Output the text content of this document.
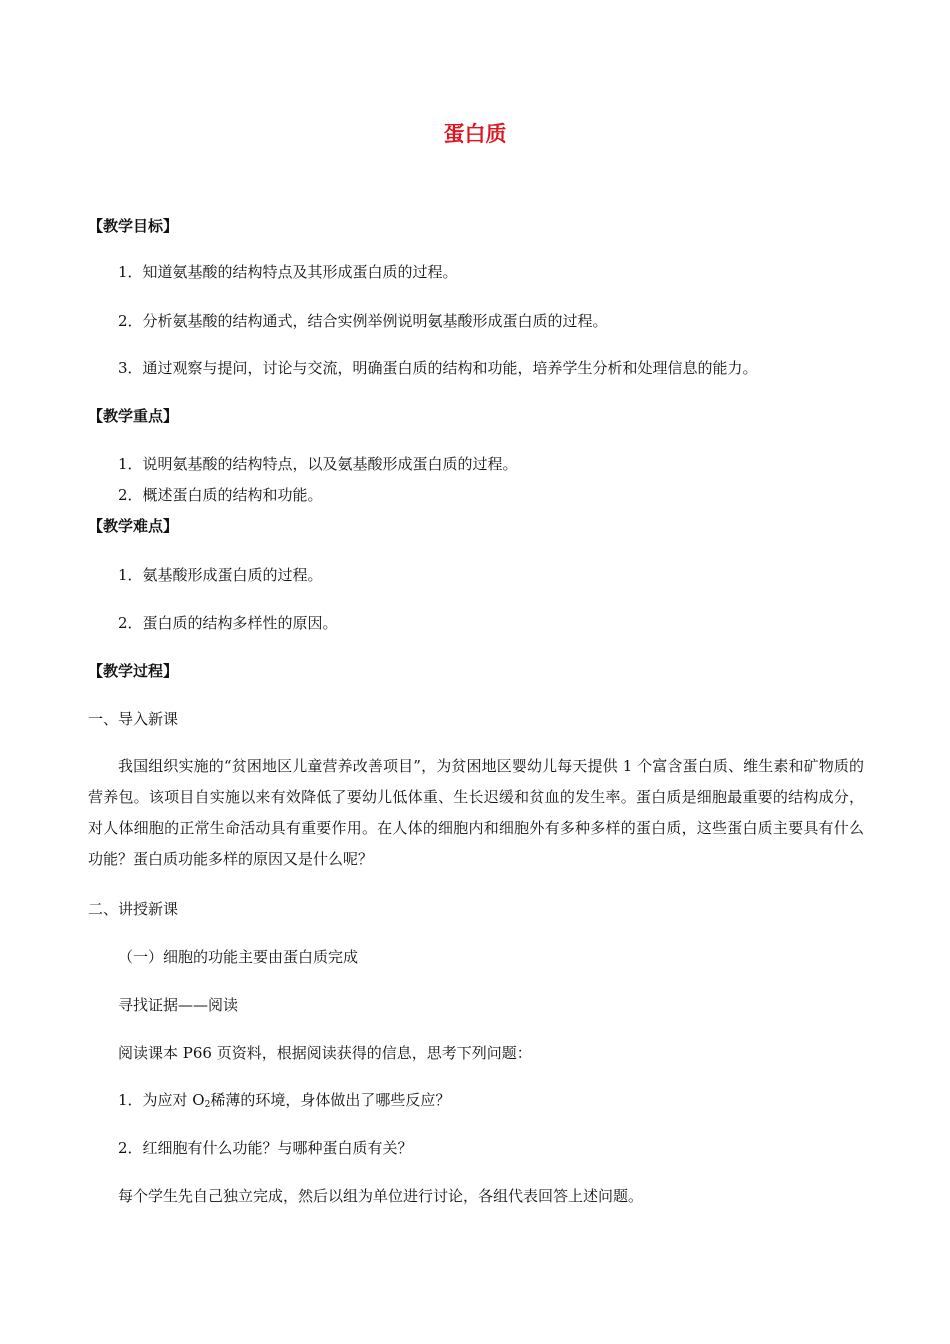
蛋白质
【教学目标】
1．知道氨基酸的结构特点及其形成蛋白质的过程。
2．分析氨基酸的结构通式，结合实例举例说明氨基酸形成蛋白质的过程。
3．通过观察与提问，讨论与交流，明确蛋白质的结构和功能，培养学生分析和处理信息的能力。
【教学重点】
1．说明氨基酸的结构特点，以及氨基酸形成蛋白质的过程。
2．概述蛋白质的结构和功能。
【教学难点】
1．氨基酸形成蛋白质的过程。
2．蛋白质的结构多样性的原因。
【教学过程】
一、导入新课
我国组织实施的“贫困地区儿童营养改善项目”，为贫困地区婴幼儿每天提供 1 个富含蛋白质、维生素和矿物质的营养包。该项目自实施以来有效降低了要幼儿低体重、生长迟缓和贫血的发生率。蛋白质是细胞最重要的结构成分，对人体细胞的正常生命活动具有重要作用。在人体的细胞内和细胞外有多种多样的蛋白质，这些蛋白质主要具有什么功能？蛋白质功能多样的原因又是什么呢？
二、讲授新课
（一）细胞的功能主要由蛋白质完成
寻找证据——阅读
阅读课本 P66 页资料，根据阅读获得的信息，思考下列问题：
1．为应对 $O_2$稀薄的环境，身体做出了哪些反应？
2．红细胞有什么功能？与哪种蛋白质有关？
每个学生先自己独立完成，然后以组为单位进行讨论，各组代表回答上述问题。
